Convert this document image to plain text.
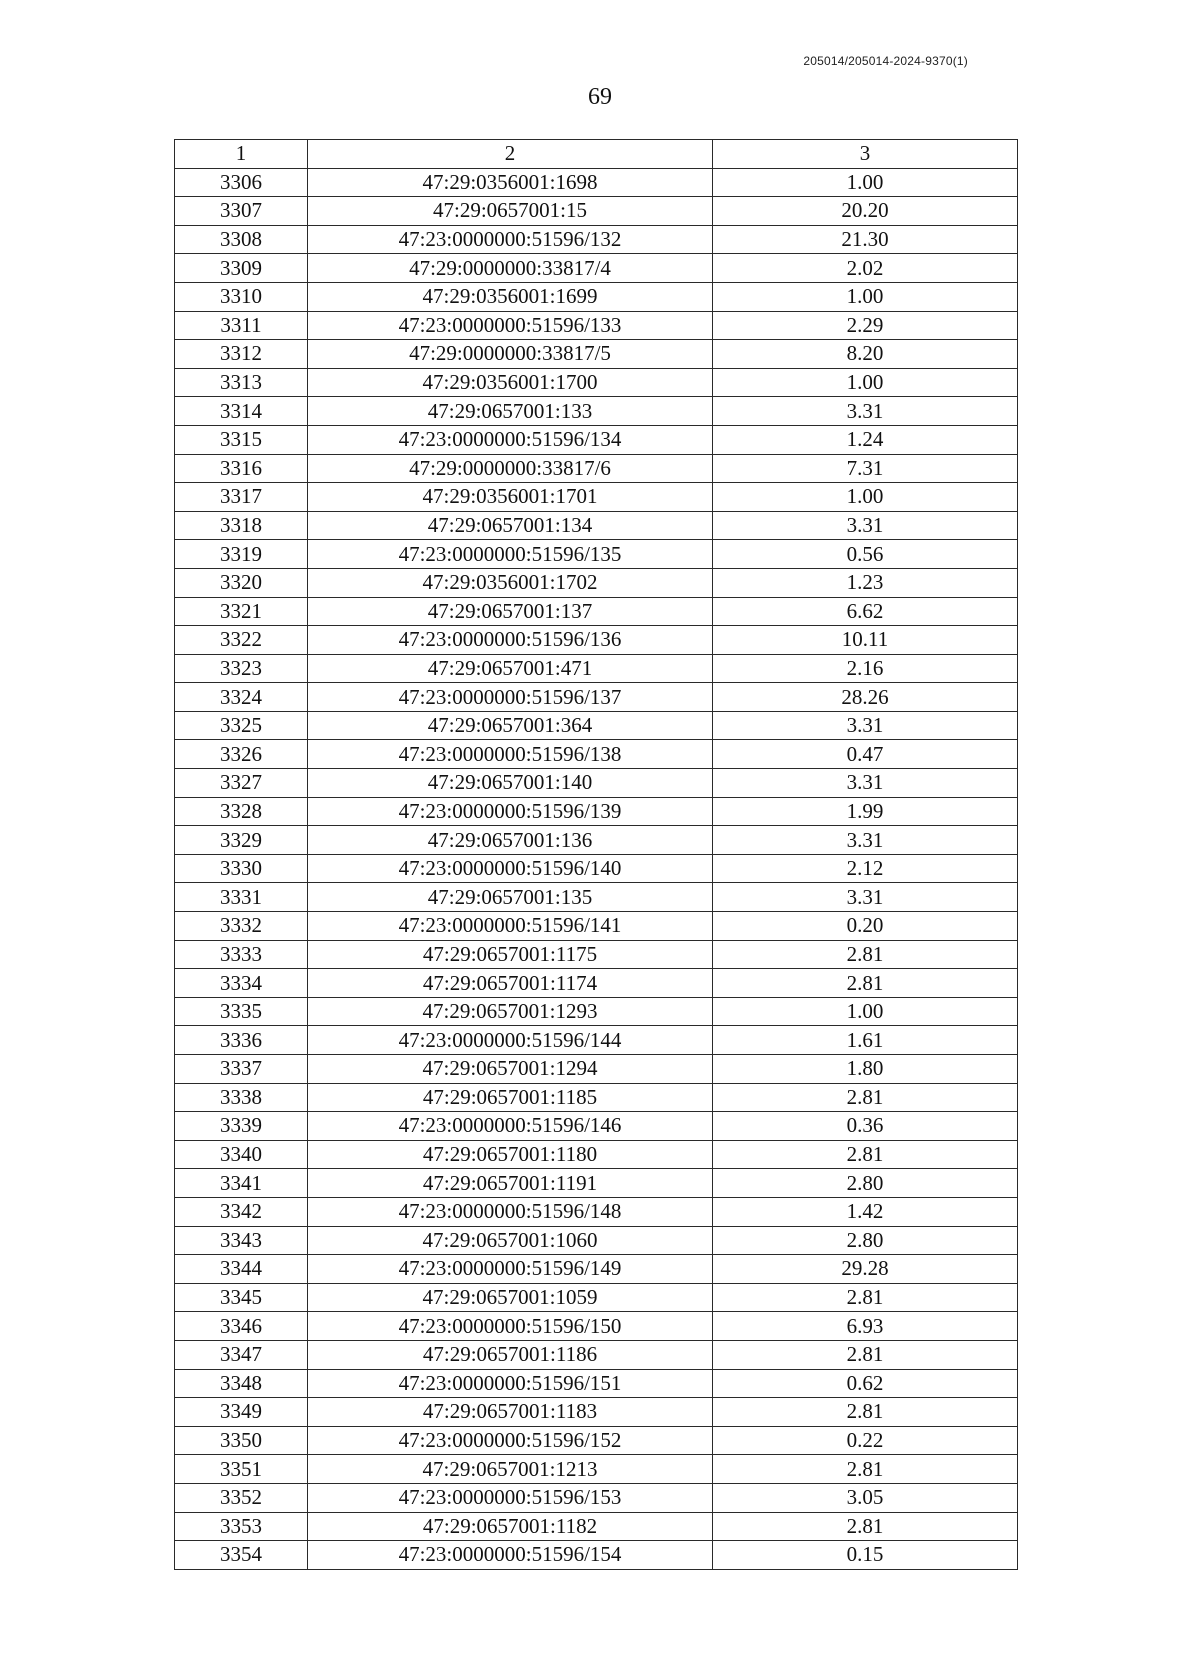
205014/205014-2024-9370(1)
69
1	2	3
3306	47:29:0356001:1698	1.00
3307	47:29:0657001:15	20.20
3308	47:23:0000000:51596/132	21.30
3309	47:29:0000000:33817/4	2.02
3310	47:29:0356001:1699	1.00
3311	47:23:0000000:51596/133	2.29
3312	47:29:0000000:33817/5	8.20
3313	47:29:0356001:1700	1.00
3314	47:29:0657001:133	3.31
3315	47:23:0000000:51596/134	1.24
3316	47:29:0000000:33817/6	7.31
3317	47:29:0356001:1701	1.00
3318	47:29:0657001:134	3.31
3319	47:23:0000000:51596/135	0.56
3320	47:29:0356001:1702	1.23
3321	47:29:0657001:137	6.62
3322	47:23:0000000:51596/136	10.11
3323	47:29:0657001:471	2.16
3324	47:23:0000000:51596/137	28.26
3325	47:29:0657001:364	3.31
3326	47:23:0000000:51596/138	0.47
3327	47:29:0657001:140	3.31
3328	47:23:0000000:51596/139	1.99
3329	47:29:0657001:136	3.31
3330	47:23:0000000:51596/140	2.12
3331	47:29:0657001:135	3.31
3332	47:23:0000000:51596/141	0.20
3333	47:29:0657001:1175	2.81
3334	47:29:0657001:1174	2.81
3335	47:29:0657001:1293	1.00
3336	47:23:0000000:51596/144	1.61
3337	47:29:0657001:1294	1.80
3338	47:29:0657001:1185	2.81
3339	47:23:0000000:51596/146	0.36
3340	47:29:0657001:1180	2.81
3341	47:29:0657001:1191	2.80
3342	47:23:0000000:51596/148	1.42
3343	47:29:0657001:1060	2.80
3344	47:23:0000000:51596/149	29.28
3345	47:29:0657001:1059	2.81
3346	47:23:0000000:51596/150	6.93
3347	47:29:0657001:1186	2.81
3348	47:23:0000000:51596/151	0.62
3349	47:29:0657001:1183	2.81
3350	47:23:0000000:51596/152	0.22
3351	47:29:0657001:1213	2.81
3352	47:23:0000000:51596/153	3.05
3353	47:29:0657001:1182	2.81
3354	47:23:0000000:51596/154	0.15
